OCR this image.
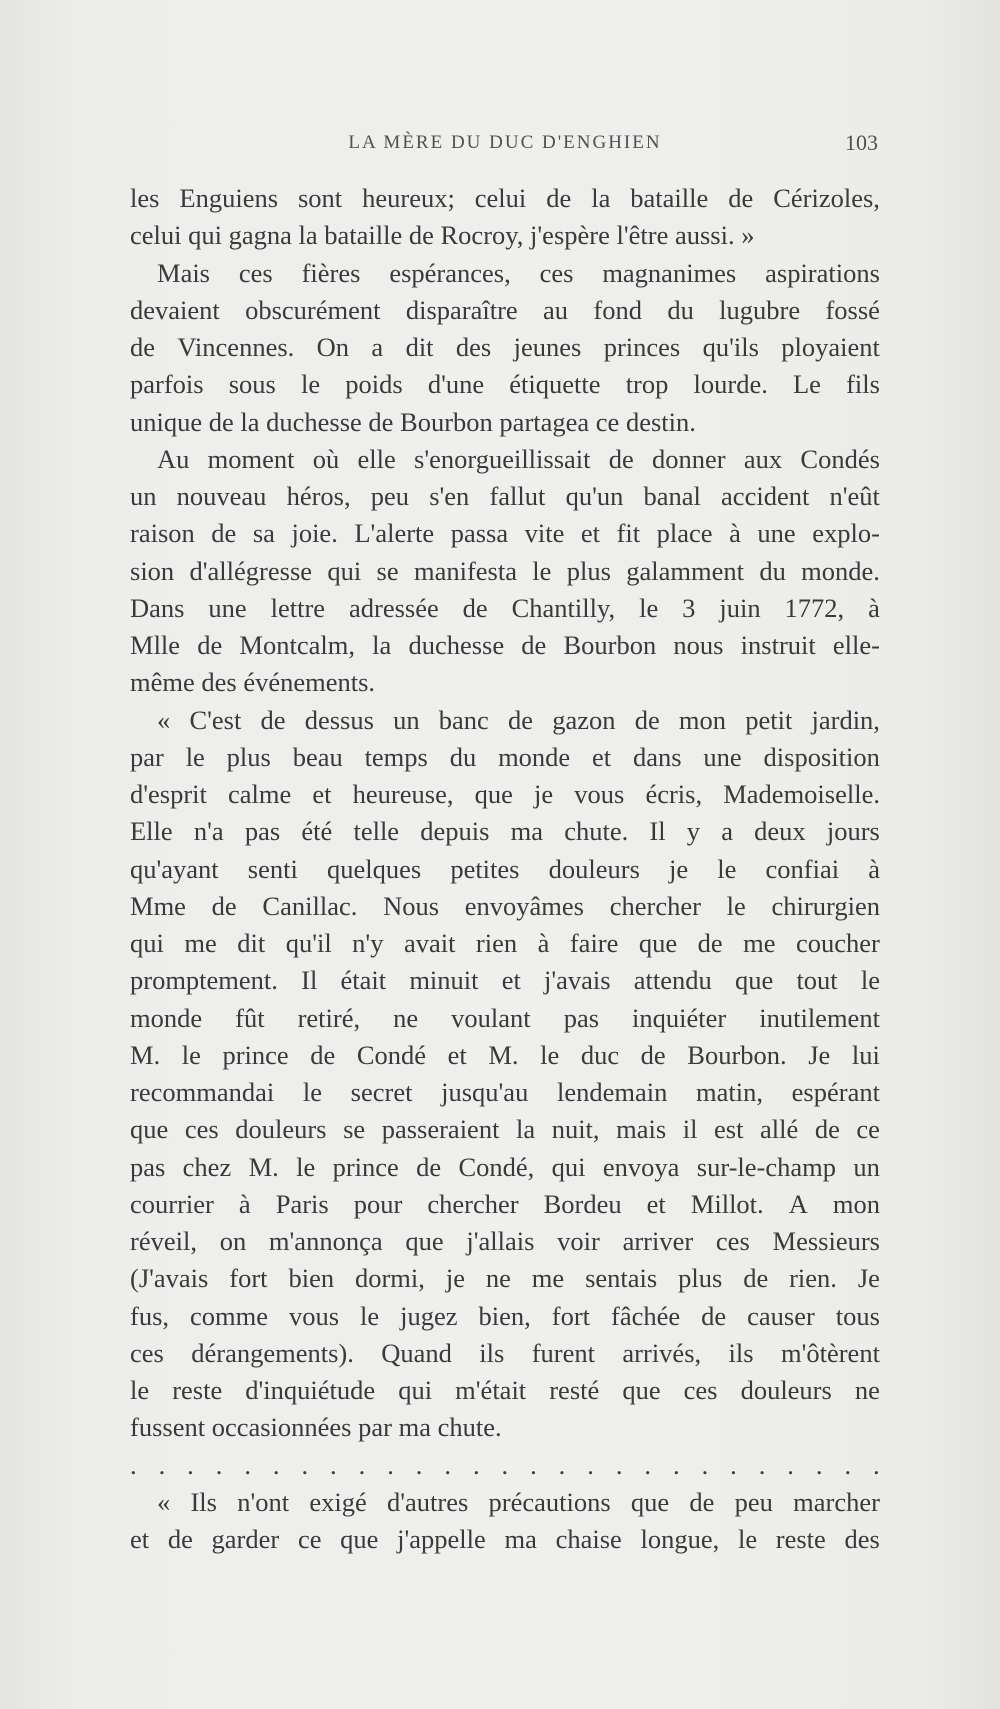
LA MÈRE DU DUC D'ENGHIEN	103
les Enguiens sont heureux; celui de la bataille de Cérizoles,
celui qui gagna la bataille de Rocroy, j'espère l'être aussi. »
Mais ces fières espérances, ces magnanimes aspirations
devaient obscurément disparaître au fond du lugubre fossé
de Vincennes. On a dit des jeunes princes qu'ils ployaient
parfois sous le poids d'une étiquette trop lourde. Le fils
unique de la duchesse de Bourbon partagea ce destin.
Au moment où elle s'enorgueillissait de donner aux Condés
un nouveau héros, peu s'en fallut qu'un banal accident n'eût
raison de sa joie. L'alerte passa vite et fit place à une explo-
sion d'allégresse qui se manifesta le plus galamment du monde.
Dans une lettre adressée de Chantilly, le 3 juin 1772, à
Mlle de Montcalm, la duchesse de Bourbon nous instruit elle-
même des événements.
« C'est de dessus un banc de gazon de mon petit jardin,
par le plus beau temps du monde et dans une disposition
d'esprit calme et heureuse, que je vous écris, Mademoiselle.
Elle n'a pas été telle depuis ma chute. Il y a deux jours
qu'ayant senti quelques petites douleurs je le confiai à
Mme de Canillac. Nous envoyâmes chercher le chirurgien
qui me dit qu'il n'y avait rien à faire que de me coucher
promptement. Il était minuit et j'avais attendu que tout le
monde fût retiré, ne voulant pas inquiéter inutilement
M. le prince de Condé et M. le duc de Bourbon. Je lui
recommandai le secret jusqu'au lendemain matin, espérant
que ces douleurs se passeraient la nuit, mais il est allé de ce
pas chez M. le prince de Condé, qui envoya sur-le-champ un
courrier à Paris pour chercher Bordeu et Millot. A mon
réveil, on m'annonça que j'allais voir arriver ces Messieurs
(J'avais fort bien dormi, je ne me sentais plus de rien. Je
fus, comme vous le jugez bien, fort fâchée de causer tous
ces dérangements). Quand ils furent arrivés, ils m'ôtèrent
le reste d'inquiétude qui m'était resté que ces douleurs ne
fussent occasionnées par ma chute.
. . . . . . . . . . . . . . . . . . . . . . . . . . .
« Ils n'ont exigé d'autres précautions que de peu marcher
et de garder ce que j'appelle ma chaise longue, le reste des
